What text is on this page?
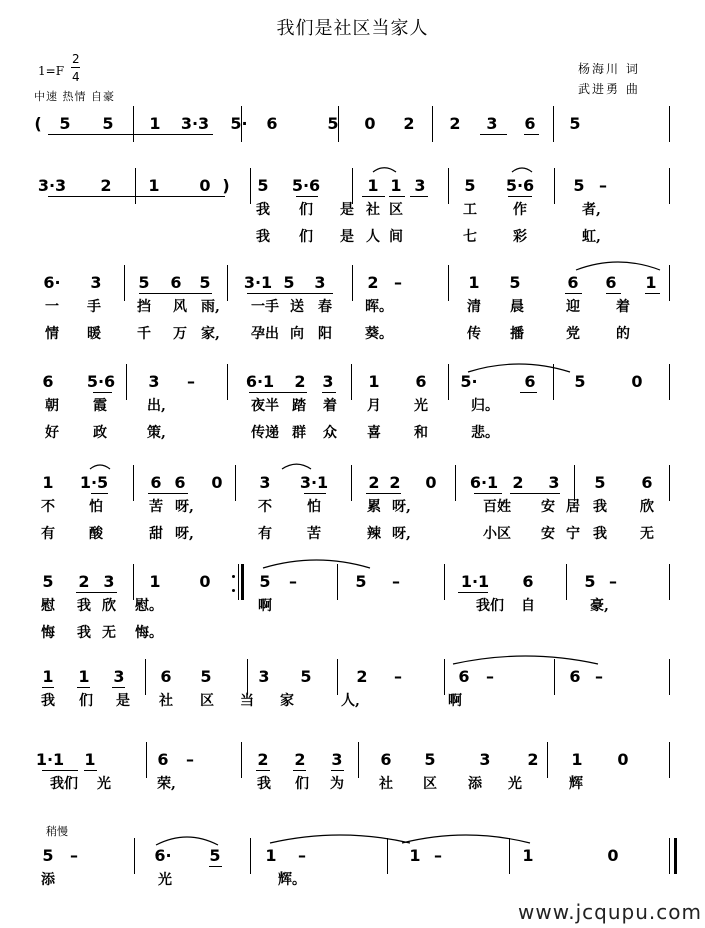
我们是社区当家人
1=F
2
4
中速 热情 自豪
杨海川 词
武进勇 曲
稍慢
( 5 5 1 3·3 5· 6	5 0 2 2 3 6 5
3·3 2 1 0 ) 5 5·6	1 1 3 5 5·6 5 –
我 们 是 社 区	工	作	者,
我 们 是 人 间	七	彩	虹,
6· 3 5 6 5 3·1 5 3	2 –	1 5	6 6 1
一 手	挡 风 雨, 一手 送 春 晖。	清 晨	迎	着
情 暖	千 万 家, 孕出 向 阳 葵。	传 播	党	的
6 5·6 3 –	6·1 2 3 1 6 5·	6 5	0
朝 霞	出,	夜半 踏 着 月 光	归。
好 政	策,	传递 群 众 喜 和	悲。
1 1·5	6 6 0 3 3·1	2 2 0 6·1 2 3 5 6
不 怕	苦 呀,	不	怕	累 呀,	百姓 安 居 我 欣
有 酸	甜 呀,	有	苦	辣 呀,	小区 安 宁 我 无
5 2 3 1 0	5 –	5 –	1·1 6	5 –
慰 我 欣 慰。	啊	我们 自	豪,
悔 我 无 悔。
1 1 3 6 5	3 5	2 –	6 –	6 –
我 们 是 社 区 当 家	人,	啊
1·1 1	6 –	2 2 3 6 5	3 2 1 0
我们 光	荣,	我 们 为	社 区 添 光	辉
5 –	6· 5	1 –	1 –	1	0
添	光	辉。
www.jcqupu.com
